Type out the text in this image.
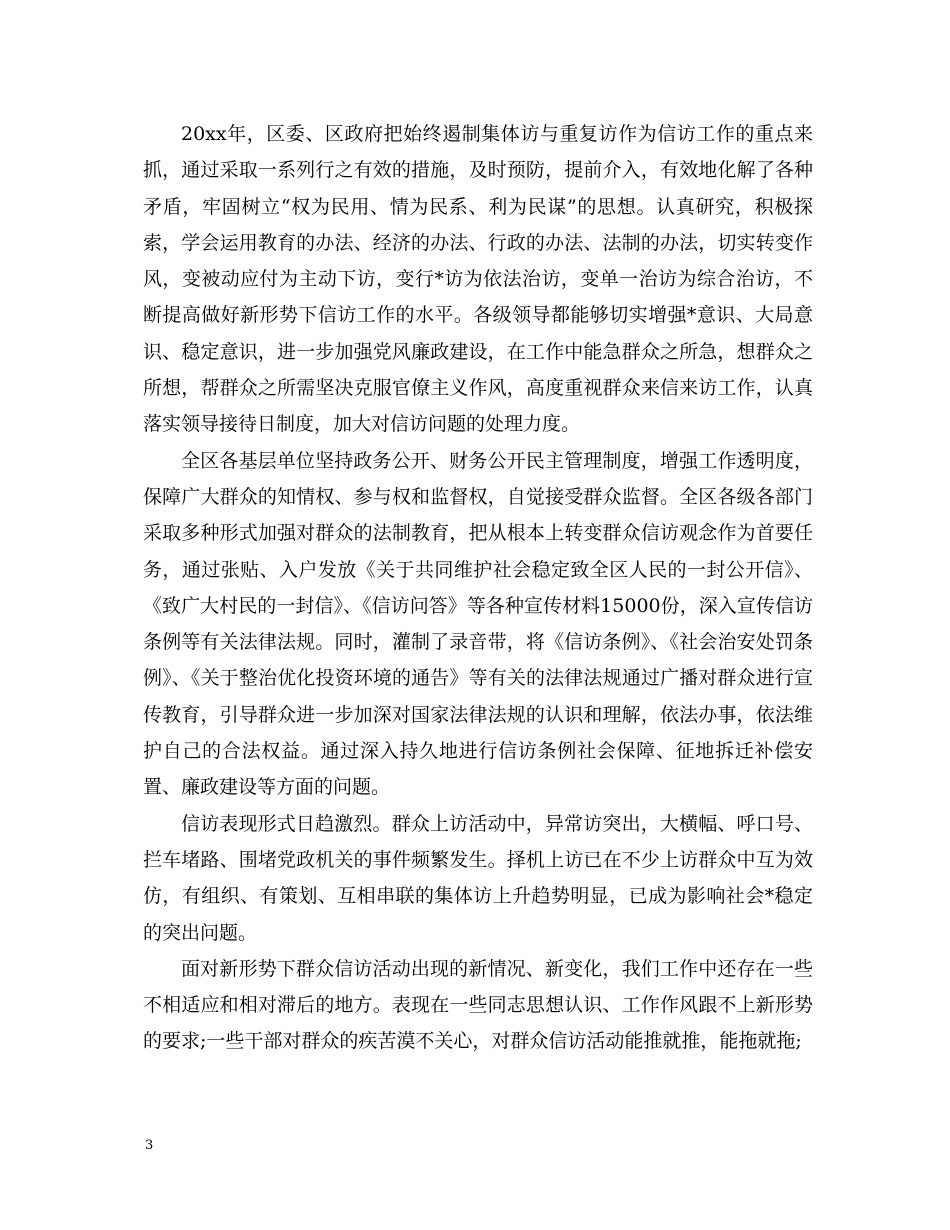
20xx年，区委、区政府把始终遏制集体访与重复访作为信访工作的重点来抓，通过采取一系列行之有效的措施，及时预防，提前介入，有效地化解了各种矛盾，牢固树立“权为民用、情为民系、利为民谋”的思想。认真研究，积极探索，学会运用教育的办法、经济的办法、行政的办法、法制的办法，切实转变作风，变被动应付为主动下访，变行*访为依法治访，变单一治访为综合治访，不断提高做好新形势下信访工作的水平。各级领导都能够切实增强*意识、大局意识、稳定意识，进一步加强党风廉政建设，在工作中能急群众之所急，想群众之所想，帮群众之所需坚决克服官僚主义作风，高度重视群众来信来访工作，认真落实领导接待日制度，加大对信访问题的处理力度。

全区各基层单位坚持政务公开、财务公开民主管理制度，增强工作透明度，保障广大群众的知情权、参与权和监督权，自觉接受群众监督。全区各级各部门采取多种形式加强对群众的法制教育，把从根本上转变群众信访观念作为首要任务，通过张贴、入户发放《关于共同维护社会稳定致全区人民的一封公开信》、《致广大村民的一封信》、《信访问答》等各种宣传材料15000份，深入宣传信访条例等有关法律法规。同时，灌制了录音带，将《信访条例》、《社会治安处罚条例》、《关于整治优化投资环境的通告》等有关的法律法规通过广播对群众进行宣传教育，引导群众进一步加深对国家法律法规的认识和理解，依法办事，依法维护自己的合法权益。通过深入持久地进行信访条例社会保障、征地拆迁补偿安置、廉政建设等方面的问题。

信访表现形式日趋激烈。群众上访活动中，异常访突出，大横幅、呼口号、拦车堵路、围堵党政机关的事件频繁发生。择机上访已在不少上访群众中互为效仿，有组织、有策划、互相串联的集体访上升趋势明显，已成为影响社会*稳定的突出问题。

面对新形势下群众信访活动出现的新情况、新变化，我们工作中还存在一些不相适应和相对滞后的地方。表现在一些同志思想认识、工作作风跟不上新形势的要求;一些干部对群众的疾苦漠不关心，对群众信访活动能推就推，能拖就拖;

3
